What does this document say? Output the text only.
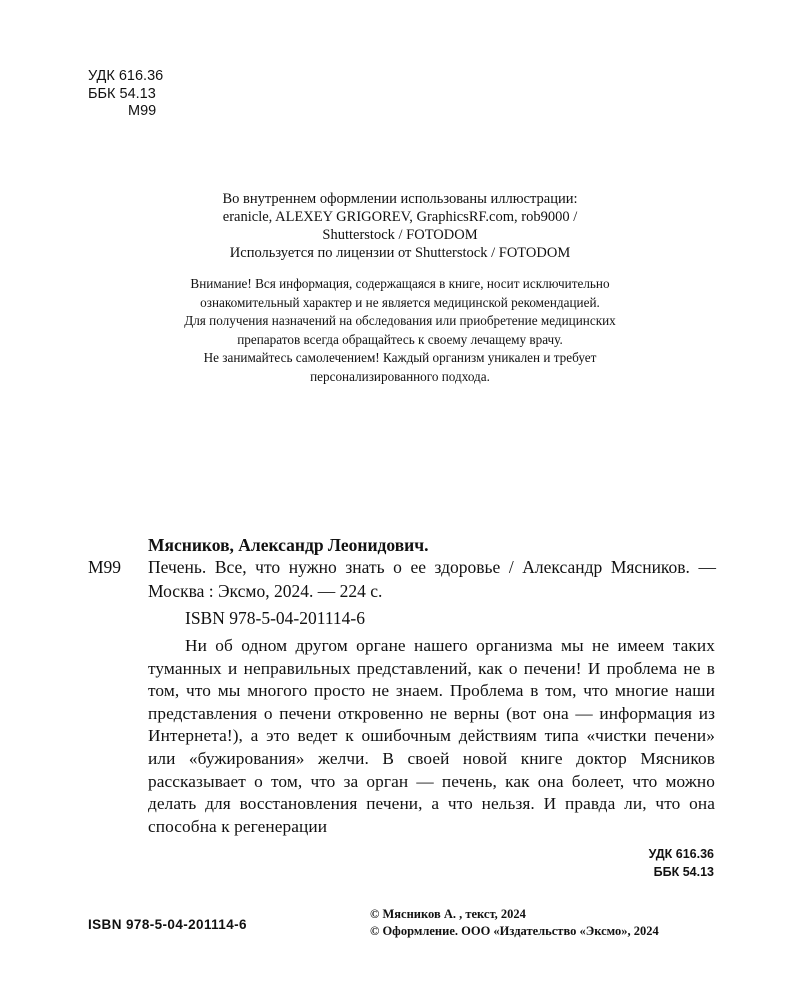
УДК 616.36
ББК 54.13
М99
Во внутреннем оформлении использованы иллюстрации:
eranicle, ALEXEY GRIGOREV, GraphicsRF.com, rob9000 /
Shutterstock / FOTODOM
Используется по лицензии от Shutterstock / FOTODOM
Внимание! Вся информация, содержащаяся в книге, носит исключительно
ознакомительный характер и не является медицинской рекомендацией.
Для получения назначений на обследования или приобретение медицинских
препаратов всегда обращайтесь к своему лечащему врачу.
Не занимайтесь самолечением! Каждый организм уникален и требует
персонализированного подхода.
Мясников, Александр Леонидович.
М99 Печень. Все, что нужно знать о ее здоровье / Александр Мясников. — Москва : Эксмо, 2024. — 224 с.
ISBN 978-5-04-201114-6
Ни об одном другом органе нашего организма мы не имеем таких туманных и неправильных представлений, как о печени! И проблема не в том, что мы многого просто не знаем. Проблема в том, что многие наши представления о печени откровенно не верны (вот она — информация из Интернета!), а это ведет к ошибочным действиям типа «чистки печени» или «бужирования» желчи. В своей новой книге доктор Мясников рассказывает о том, что за орган — печень, как она болеет, что можно делать для восстановления печени, а что нельзя. И правда ли, что она способна к регенерации
УДК 616.36
ББК 54.13
ISBN 978-5-04-201114-6
© Мясников А. , текст, 2024
© Оформление. ООО «Издательство «Эксмо», 2024
